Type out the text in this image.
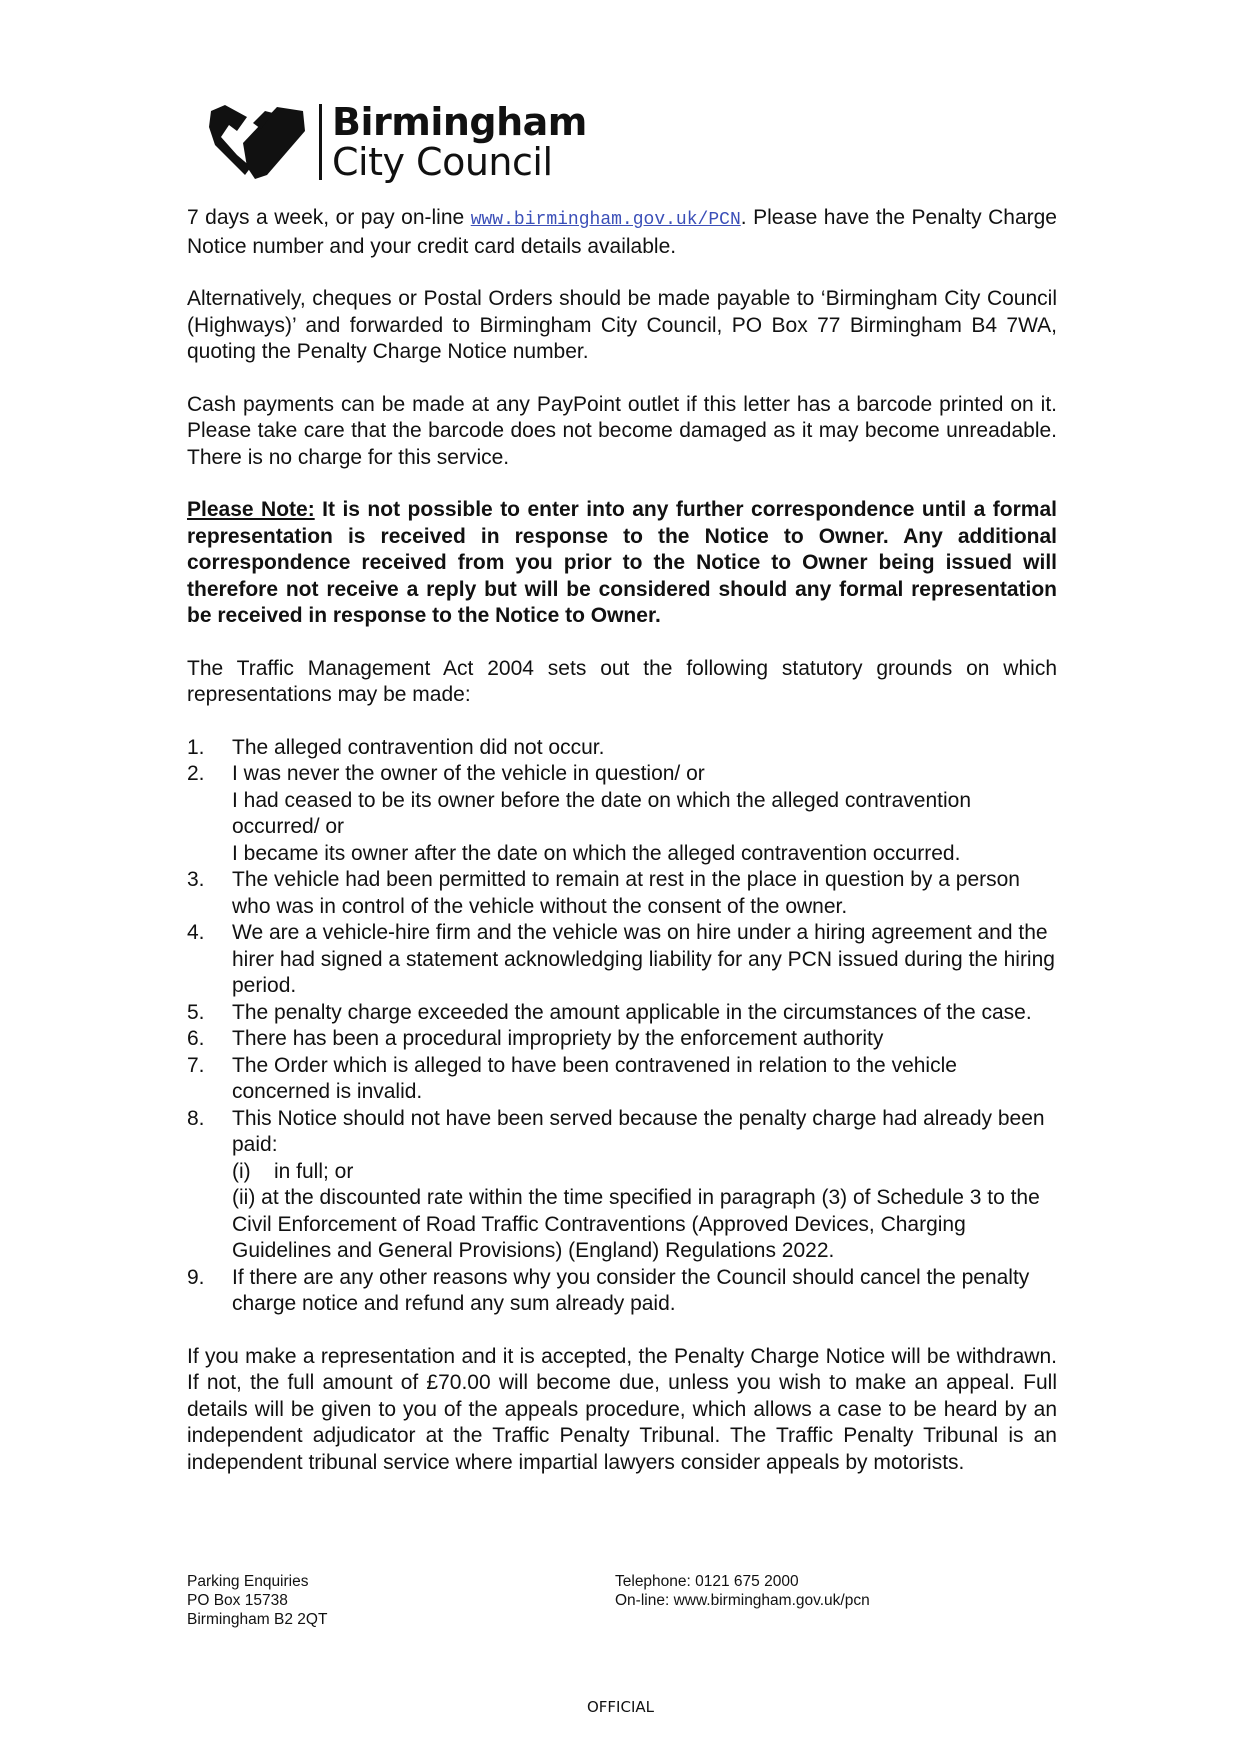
Birmingham
City Council

7 days a week, or pay on-line www.birmingham.gov.uk/PCN. Please have the Penalty Charge Notice number and your credit card details available.

Alternatively, cheques or Postal Orders should be made payable to ‘Birmingham City Council (Highways)’ and forwarded to Birmingham City Council, PO Box 77 Birmingham B4 7WA, quoting the Penalty Charge Notice number.

Cash payments can be made at any PayPoint outlet if this letter has a barcode printed on it. Please take care that the barcode does not become damaged as it may become unreadable. There is no charge for this service.

Please Note: It is not possible to enter into any further correspondence until a formal representation is received in response to the Notice to Owner. Any additional correspondence received from you prior to the Notice to Owner being issued will therefore not receive a reply but will be considered should any formal representation be received in response to the Notice to Owner.

The Traffic Management Act 2004 sets out the following statutory grounds on which representations may be made:

1.	The alleged contravention did not occur.
2.	I was never the owner of the vehicle in question/ or
I had ceased to be its owner before the date on which the alleged contravention occurred/ or
I became its owner after the date on which the alleged contravention occurred.
3.	The vehicle had been permitted to remain at rest in the place in question by a person who was in control of the vehicle without the consent of the owner.
4.	We are a vehicle-hire firm and the vehicle was on hire under a hiring agreement and the hirer had signed a statement acknowledging liability for any PCN issued during the hiring period.
5.	The penalty charge exceeded the amount applicable in the circumstances of the case.
6.	There has been a procedural impropriety by the enforcement authority
7.	The Order which is alleged to have been contravened in relation to the vehicle concerned is invalid.
8.	This Notice should not have been served because the penalty charge had already been paid:
(i)    in full; or
(ii) at the discounted rate within the time specified in paragraph (3) of Schedule 3 to the Civil Enforcement of Road Traffic Contraventions (Approved Devices, Charging Guidelines and General Provisions) (England) Regulations 2022.
9.	If there are any other reasons why you consider the Council should cancel the penalty charge notice and refund any sum already paid.

If you make a representation and it is accepted, the Penalty Charge Notice will be withdrawn. If not, the full amount of £70.00 will become due, unless you wish to make an appeal. Full details will be given to you of the appeals procedure, which allows a case to be heard by an independent adjudicator at the Traffic Penalty Tribunal. The Traffic Penalty Tribunal is an independent tribunal service where impartial lawyers consider appeals by motorists.

Parking Enquiries
PO Box 15738
Birmingham B2 2QT
Telephone: 0121 675 2000
On-line: www.birmingham.gov.uk/pcn
OFFICIAL
